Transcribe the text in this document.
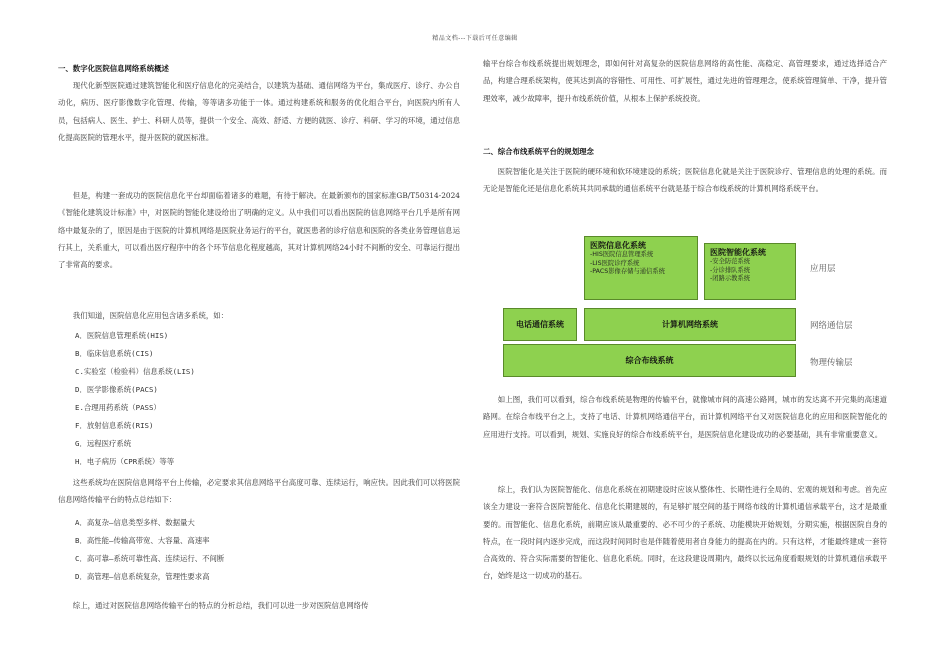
精品文档---下载后可任意编辑
一、数字化医院信息网络系统概述

现代化新型医院通过建筑智能化和医疗信息化的完美结合，以建筑为基础、通信网络为平台，集成医疗、诊疗、办公自动化，病历、医疗影像数字化管理、传输，等等诸多功能于一体。通过构建系统和服务的优化组合平台，向医院内所有人员，包括病人、医生、护士、科研人员等，提供一个安全、高效、舒适、方便的就医、诊疗、科研、学习的环境，通过信息化提高医院的管理水平，提升医院的就医标准。

但是，构建一套成功的医院信息化平台却面临着诸多的难题，有待于解决。在最新颁布的国家标准GB/T50314-2024《智能化建筑设计标准》中，对医院的智能化建设给出了明确的定义。从中我们可以看出医院的信息网络平台几乎是所有网络中最复杂的了，原因是由于医院的计算机网络是医院业务运行的平台，就医患者的诊疗信息和医院的各类业务管理信息运行其上，关系重大，可以看出医疗程序中的各个环节信息化程度越高，其对计算机网络24小时不间断的安全、可靠运行提出了非常高的要求。

我们知道，医院信息化应用包含诸多系统，如：

A．医院信息管理系统(HIS)
B．临床信息系统(CIS)
C.实验室（检验科）信息系统(LIS)
D．医学影像系统(PACS)
E.合理用药系统（PASS）
F．放射信息系统(RIS)
G．远程医疗系统
H．电子病历（CPR系统）等等

这些系统均在医院信息网络平台上传输，必定要求其信息网络平台高度可靠、连续运行，响应快。因此我们可以将医院信息网络传输平台的特点总结如下：

A．高复杂—信息类型多样、数据量大
B．高性能—传输高带宽、大容量、高速率
C．高可靠—系统可靠性高、连续运行、不间断
D．高管理—信息系统复杂，管理性要求高

综上，通过对医院信息网络传输平台的特点的分析总结，我们可以进一步对医院信息网络传

输平台综合布线系统提出规划理念，即如何针对高复杂的医院信息网络的高性能、高稳定、高管理要求，通过选择适合产品，构建合理系统架构，使其达到高的容错性、可用性、可扩展性，通过先进的管理理念，使系统管理简单、干净，提升管理效率，减少故障率，提升布线系统价值，从根本上保护系统投资。

二、综合布线系统平台的规划理念

医院智能化是关注于医院的硬环境和软环境建设的系统；医院信息化就是关注于医院诊疗、管理信息的处理的系统。而无论是智能化还是信息化系统其共同承载的通信系统平台就是基于综合布线系统的计算机网络系统平台。

医院信息化系统
-HIS医院信息管理系统
-LIS医院诊疗系统
-PACS影像存储与通信系统
医院智能化系统
-安全防范系统
-分诊排队系统
-闭路示教系统
应用层
电话通信系统	计算机网络系统	网络通信层
综合布线系统	物理传输层

如上图，我们可以看到，综合布线系统是物理的传输平台，就像城市间的高速公路网，城市的发达离不开完集的高速道路网。在综合布线平台之上，支持了电话、计算机网络通信平台，而计算机网络平台又对医院信息化的应用和医院智能化的应用进行支持。可以看到，规划、实施良好的综合布线系统平台，是医院信息化建设成功的必要基础，具有非常重要意义。

综上，我们认为医院智能化、信息化系统在初期建设时应该从整体性、长期性进行全局的、宏观的规划和考虑。首先应该全力建设一套符合医院智能化、信息化长期建展的，有足够扩展空间的基于网络布线的计算机通信承载平台，这才是最重要的。而智能化、信息化系统，前期应该从最重要的、必不可少的子系统、功能模块开始规划，分期实施，根据医院自身的特点，在一段时间内逐步完成，而这段时间同时也是伴随着使用者自身能力的提高在内的。只有这样，才能最终建成一套符合高效的、符合实际需要的智能化、信息化系统。同时，在这段建设周期内，最终以长远角度看眼规划的计算机通信承载平台，始终是这一切成功的基石。
